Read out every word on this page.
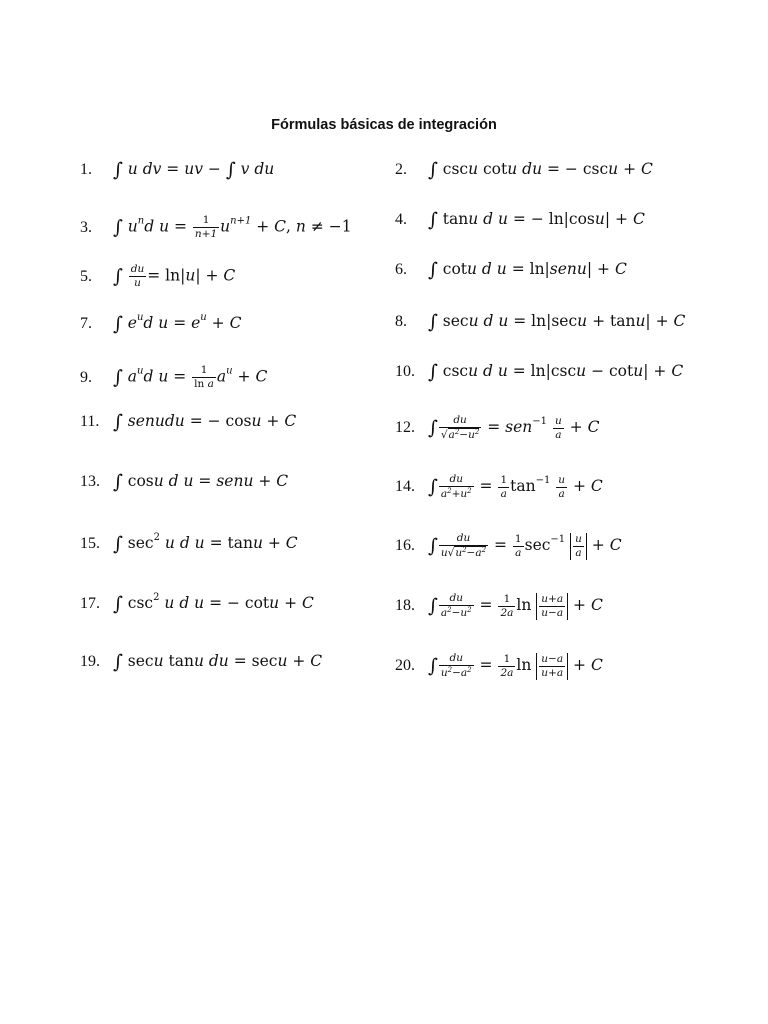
Fórmulas básicas de integración
1. ∫ u dv = uv − ∫ v du	2. ∫ cscu cotu du = − cscu + C
3. ∫ $u^nd$ $u = \frac{1}{n+1} u^{n+1} + C$, n ≠ −1	4. ∫ tanu d u = − ln|cosu| + C
5. ∫ $\frac{du}{u} = \ln|u| + C$	6. ∫ cotu d u = ln|senu| + C
7. ∫ $e^ud$ $u = e^u + C$	8. ∫ secu d u = ln|secu + tanu| + C
9. ∫ $a^ud$ $u = \frac{1}{\text{ln a}} a^u + C$	10. ∫ cscu d u = ln|cscu − cotu| + C
11. ∫ senudu = − cosu + C	12. ∫ $\frac{du}{√a^2-u^2} = sen^{-1} \frac{u}{a} + C$
13. ∫ cosu d u = senu + C	14. ∫ $\frac{du}{a^2+u^2} = \frac{1}{a} \tan^{-1} \frac{u}{a} + C$
15. ∫ $\sec^2 u$ d u = tanu + C	16. ∫ $\frac{du}{u√u^2-a^2} = \frac{1}{a} \sec^{-1} \frac{u}{a} + C$
17. ∫ $\csc^2 u$ d u = − cotu + C	18. ∫ $\frac{du}{a^2-u^2} = \frac{1}{2a}$ $\ln \frac{u+a}{u-a} + C$
19. ∫ secu tanu du = secu + C	20. ∫ $\frac{du}{u^2-a^2} = \frac{1}{2a}$ $\ln \frac{u-a}{u+a} + C$
